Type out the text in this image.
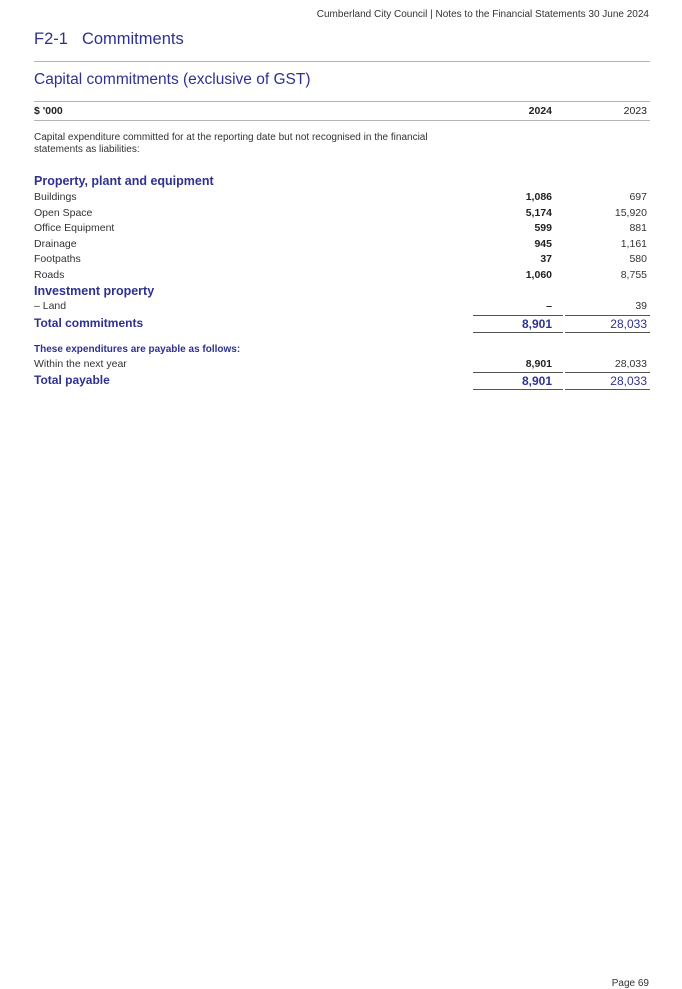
Cumberland City Council | Notes to the Financial Statements 30 June 2024
F2-1 Commitments
Capital commitments (exclusive of GST)
$ '000	2024	2023
Capital expenditure committed for at the reporting date but not recognised in the financial statements as liabilities:
Property, plant and equipment
Buildings	1,086	697
Open Space	5,174	15,920
Office Equipment	599	881
Drainage	945	1,161
Footpaths	37	580
Roads	1,060	8,755
Investment property
– Land	–	39
Total commitments	8,901	28,033
These expenditures are payable as follows:
Within the next year	8,901	28,033
Total payable	8,901	28,033
Page 69
